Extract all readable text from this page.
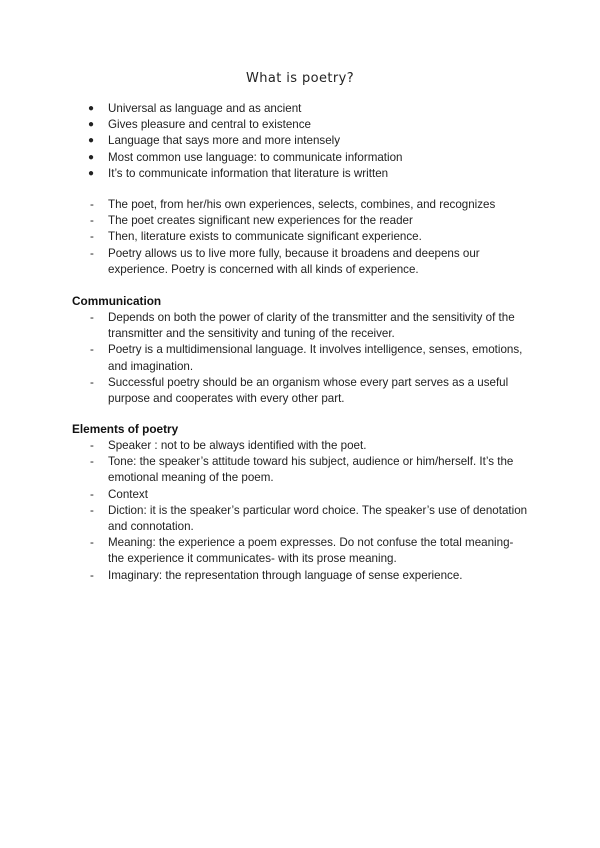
What is poetry?
● Universal as language and as ancient
● Gives pleasure and central to existence
● Language that says more and more intensely
● Most common use language: to communicate information
● It’s to communicate information that literature is written
- The poet, from her/his own experiences, selects, combines, and recognizes
- The poet creates significant new experiences for the reader
- Then, literature exists to communicate significant experience.
- Poetry allows us to live more fully, because it broadens and deepens our experience. Poetry is concerned with all kinds of experience.
Communication
- Depends on both the power of clarity of the transmitter and the sensitivity of the transmitter and the sensitivity and tuning of the receiver.
- Poetry is a multidimensional language. It involves intelligence, senses, emotions, and imagination.
- Successful poetry should be an organism whose every part serves as a useful purpose and cooperates with every other part.
Elements of poetry
- Speaker : not to be always identified with the poet.
- Tone: the speaker’s attitude toward his subject, audience or him/herself. It’s the emotional meaning of the poem.
- Context
- Diction: it is the speaker’s particular word choice. The speaker’s use of denotation and connotation.
- Meaning: the experience a poem expresses. Do not confuse the total meaning- the experience it communicates- with its prose meaning.
- Imaginary: the representation through language of sense experience.
